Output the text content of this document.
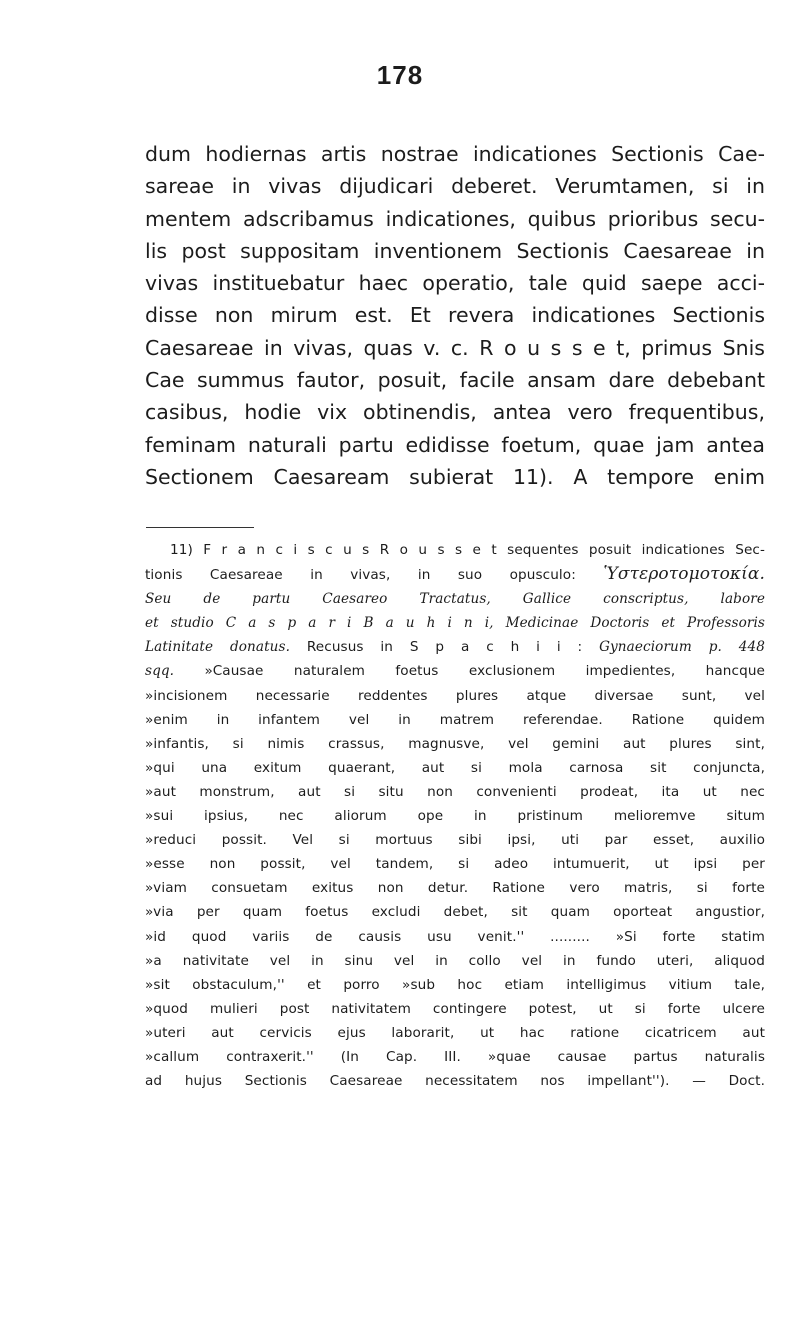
178
dum hodiernas artis nostrae indicationes Sectionis Cae-
sareae in vivas dijudicari deberet. Verumtamen, si in
mentem adscribamus indicationes, quibus prioribus secu-
lis post suppositam inventionem Sectionis Caesareae in
vivas instituebatur haec operatio, tale quid saepe acci-
disse non mirum est. Et revera indicationes Sectionis
Caesareae in vivas, quas v. c. R o u s s e t, primus Snis
Cae summus fautor, posuit, facile ansam dare debebant
casibus, hodie vix obtinendis, antea vero frequentibus,
feminam naturali partu edidisse foetum, quae jam antea
Sectionem Caesaream subierat 11). A tempore enim
11) F r a n c i s c u s R o u s s e t sequentes posuit indicationes Sec-
tionis Caesareae in vivas, in suo opusculo: Ὑστεροτομοτοκία.
Seu de partu Caesareo Tractatus, Gallice conscriptus, labore
et studio C a s p a r i B a u h i n i, Medicinae Doctoris et Professoris
Latinitate donatus. Recusus in S p a c h i i : Gynaeciorum p. 448
sqq. »Causae naturalem foetus exclusionem impedientes, hancque
»incisionem necessarie reddentes plures atque diversae sunt, vel
»enim in infantem vel in matrem referendae. Ratione quidem
»infantis, si nimis crassus, magnusve, vel gemini aut plures sint,
»qui una exitum quaerant, aut si mola carnosa sit conjuncta,
»aut monstrum, aut si situ non convenienti prodeat, ita ut nec
»sui ipsius, nec aliorum ope in pristinum melioremve situm
»reduci possit. Vel si mortuus sibi ipsi, uti par esset, auxilio
»esse non possit, vel tandem, si adeo intumuerit, ut ipsi per
»viam consuetam exitus non detur. Ratione vero matris, si forte
»via per quam foetus excludi debet, sit quam oporteat angustior,
»id quod variis de causis usu venit.'' ......... »Si forte statim
»a nativitate vel in sinu vel in collo vel in fundo uteri, aliquod
»sit obstaculum,'' et porro »sub hoc etiam intelligimus vitium tale,
»quod mulieri post nativitatem contingere potest, ut si forte ulcere
»uteri aut cervicis ejus laborarit, ut hac ratione cicatricem aut
»callum contraxerit.'' (In Cap. III. »quae causae partus naturalis
ad hujus Sectionis Caesareae necessitatem nos impellant''). — Doct.
